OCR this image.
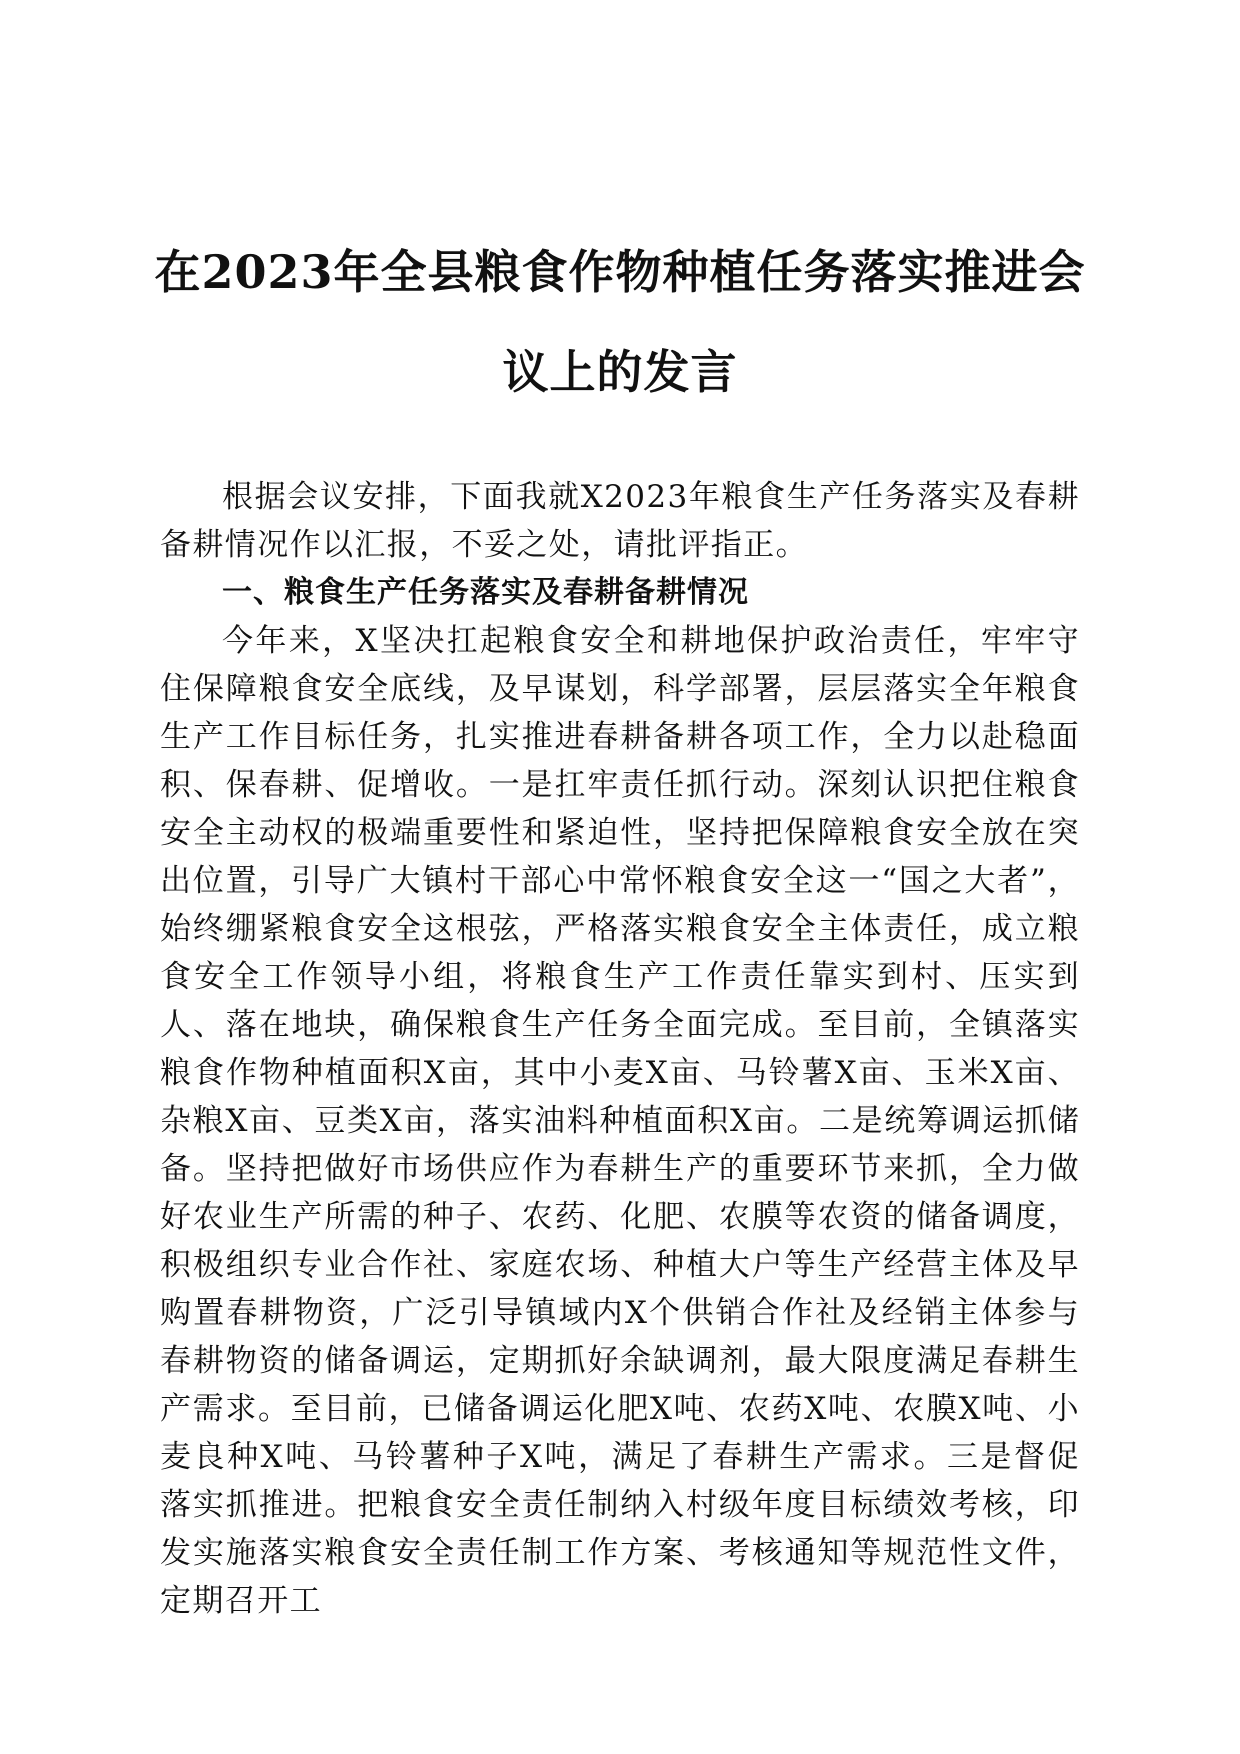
在2023年全县粮食作物种植任务落实推进会
议上的发言

根据会议安排，下面我就X2023年粮食生产任务落实及春耕备耕情况作以汇报，不妥之处，请批评指正。

一、粮食生产任务落实及春耕备耕情况

今年来，X坚决扛起粮食安全和耕地保护政治责任，牢牢守住保障粮食安全底线，及早谋划，科学部署，层层落实全年粮食生产工作目标任务，扎实推进春耕备耕各项工作，全力以赴稳面积、保春耕、促增收。一是扛牢责任抓行动。深刻认识把住粮食安全主动权的极端重要性和紧迫性，坚持把保障粮食安全放在突出位置，引导广大镇村干部心中常怀粮食安全这一“国之大者”，始终绷紧粮食安全这根弦，严格落实粮食安全主体责任，成立粮食安全工作领导小组，将粮食生产工作责任靠实到村、压实到人、落在地块，确保粮食生产任务全面完成。至目前，全镇落实粮食作物种植面积X亩，其中小麦X亩、马铃薯X亩、玉米X亩、杂粮X亩、豆类X亩，落实油料种植面积X亩。二是统筹调运抓储备。坚持把做好市场供应作为春耕生产的重要环节来抓，全力做好农业生产所需的种子、农药、化肥、农膜等农资的储备调度，积极组织专业合作社、家庭农场、种植大户等生产经营主体及早购置春耕物资，广泛引导镇域内X个供销合作社及经销主体参与春耕物资的储备调运，定期抓好余缺调剂，最大限度满足春耕生产需求。至目前，已储备调运化肥X吨、农药X吨、农膜X吨、小麦良种X吨、马铃薯种子X吨，满足了春耕生产需求。三是督促落实抓推进。把粮食安全责任制纳入村级年度目标绩效考核，印发实施落实粮食安全责任制工作方案、考核通知等规范性文件，定期召开工
